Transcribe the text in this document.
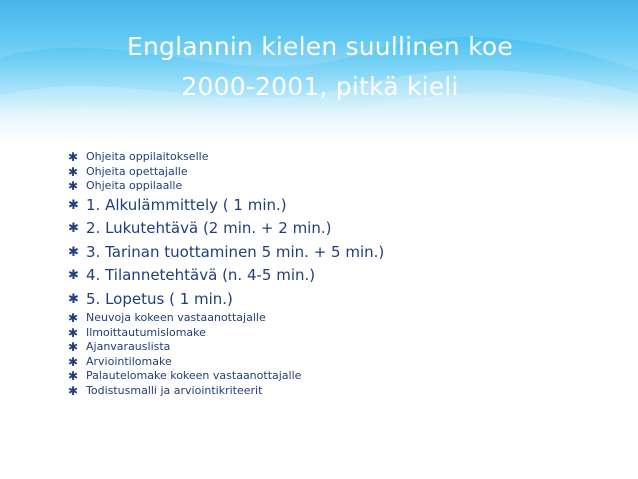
Englannin kielen suullinen koe
2000-2001, pitkä kieli
✱ Ohjeita oppilaitokselle
✱ Ohjeita opettajalle
✱ Ohjeita oppilaalle
✱ 1. Alkulämmittely ( 1 min.)
✱ 2. Lukutehtävä (2 min. + 2 min.)
✱ 3. Tarinan tuottaminen 5 min. + 5 min.)
✱ 4. Tilannetehtävä (n. 4-5 min.)
✱ 5. Lopetus ( 1 min.)
✱ Neuvoja kokeen vastaanottajalle
✱ Ilmoittautumislomake
✱ Ajanvarauslista
✱ Arviointilomake
✱ Palautelomake kokeen vastaanottajalle
✱ Todistusmalli ja arviointikriteerit
